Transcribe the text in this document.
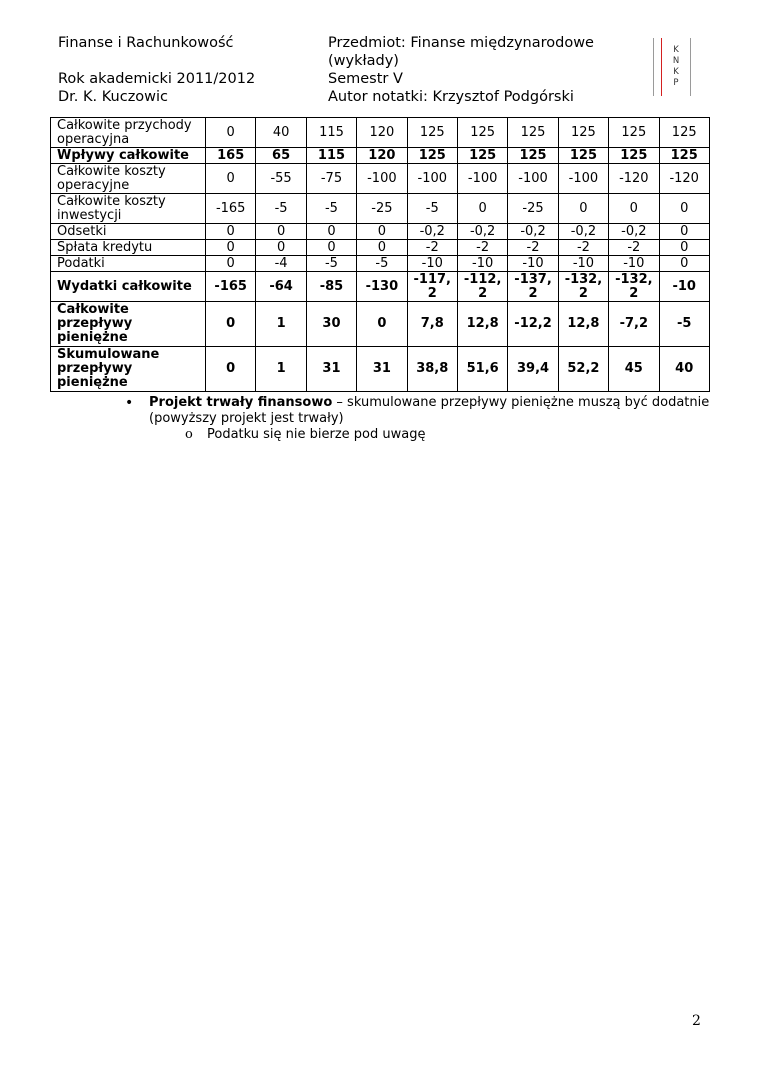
Finanse i Rachunkowość
Rok akademicki 2011/2012
Dr. K. Kuczowic
Przedmiot: Finanse międzynarodowe
(wykłady)
Semestr V
Autor notatki: Krzysztof Podgórski
K
N
K
P
Całkowite przychody operacyjna	0	40	115	120	125	125	125	125	125	125
Wpływy całkowite	165	65	115	120	125	125	125	125	125	125
Całkowite koszty operacyjne	0	-55	-75	-100	-100	-100	-100	-100	-120	-120
Całkowite koszty inwestycji	-165	-5	-5	-25	-5	0	-25	0	0	0
Odsetki	0	0	0	0	-0,2	-0,2	-0,2	-0,2	-0,2	0
Spłata kredytu	0	0	0	0	-2	-2	-2	-2	-2	0
Podatki	0	-4	-5	-5	-10	-10	-10	-10	-10	0
Wydatki całkowite	-165	-64	-85	-130	-117,2	-112,2	-137,2	-132,2	-132,2	-10
Całkowite przepływy pieniężne	0	1	30	0	7,8	12,8	-12,2	12,8	-7,2	-5
Skumulowane przepływy pieniężne	0	1	31	31	38,8	51,6	39,4	52,2	45	40
• Projekt trwały finansowo – skumulowane przepływy pieniężne muszą być dodatnie (powyższy projekt jest trwały)
o Podatku się nie bierze pod uwagę
2
